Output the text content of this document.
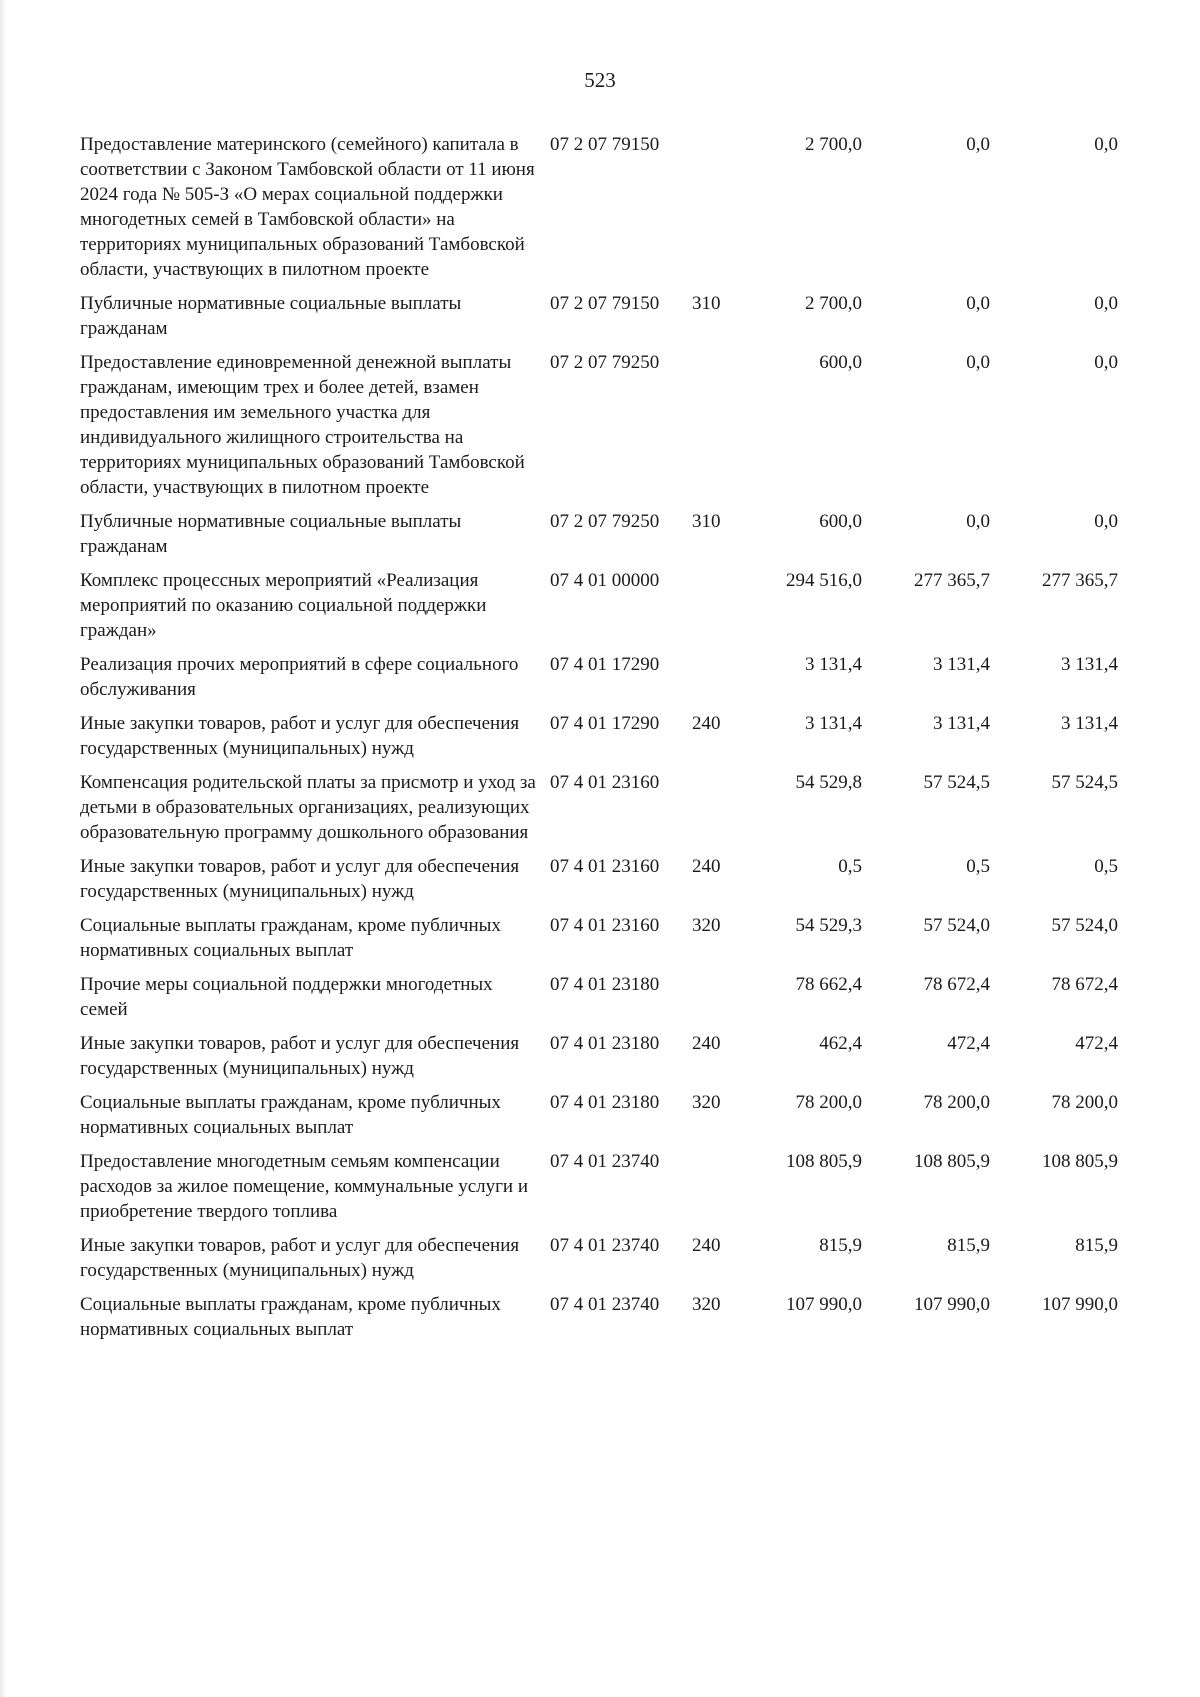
523
Предоставление материнского (семейного) капитала в соответствии с Законом Тамбовской области от 11 июня 2024 года № 505-З «О мерах социальной поддержки многодетных семей в Тамбовской области» на территориях муниципальных образований Тамбовской области, участвующих в пилотном проекте
07 2 07 79150	2 700,0	0,0	0,0
Публичные нормативные социальные выплаты гражданам
07 2 07 79150	310	2 700,0	0,0	0,0
Предоставление единовременной денежной выплаты гражданам, имеющим трех и более детей, взамен предоставления им земельного участка для индивидуального жилищного строительства на территориях муниципальных образований Тамбовской области, участвующих в пилотном проекте
07 2 07 79250	600,0	0,0	0,0
Публичные нормативные социальные выплаты гражданам
07 2 07 79250	310	600,0	0,0	0,0
Комплекс процессных мероприятий «Реализация мероприятий по оказанию социальной поддержки граждан»
07 4 01 00000	294 516,0	277 365,7	277 365,7
Реализация прочих мероприятий в сфере социального обслуживания
07 4 01 17290	3 131,4	3 131,4	3 131,4
Иные закупки товаров, работ и услуг для обеспечения государственных (муниципальных) нужд
07 4 01 17290	240	3 131,4	3 131,4	3 131,4
Компенсация родительской платы за присмотр и уход за детьми в образовательных организациях, реализующих образовательную программу дошкольного образования
07 4 01 23160	54 529,8	57 524,5	57 524,5
Иные закупки товаров, работ и услуг для обеспечения государственных (муниципальных) нужд
07 4 01 23160	240	0,5	0,5	0,5
Социальные выплаты гражданам, кроме публичных нормативных социальных выплат
07 4 01 23160	320	54 529,3	57 524,0	57 524,0
Прочие меры социальной поддержки многодетных семей
07 4 01 23180	78 662,4	78 672,4	78 672,4
Иные закупки товаров, работ и услуг для обеспечения государственных (муниципальных) нужд
07 4 01 23180	240	462,4	472,4	472,4
Социальные выплаты гражданам, кроме публичных нормативных социальных выплат
07 4 01 23180	320	78 200,0	78 200,0	78 200,0
Предоставление многодетным семьям компенсации расходов за жилое помещение, коммунальные услуги и приобретение твердого топлива
07 4 01 23740	108 805,9	108 805,9	108 805,9
Иные закупки товаров, работ и услуг для обеспечения государственных (муниципальных) нужд
07 4 01 23740	240	815,9	815,9	815,9
Социальные выплаты гражданам, кроме публичных нормативных социальных выплат
07 4 01 23740	320	107 990,0	107 990,0	107 990,0
